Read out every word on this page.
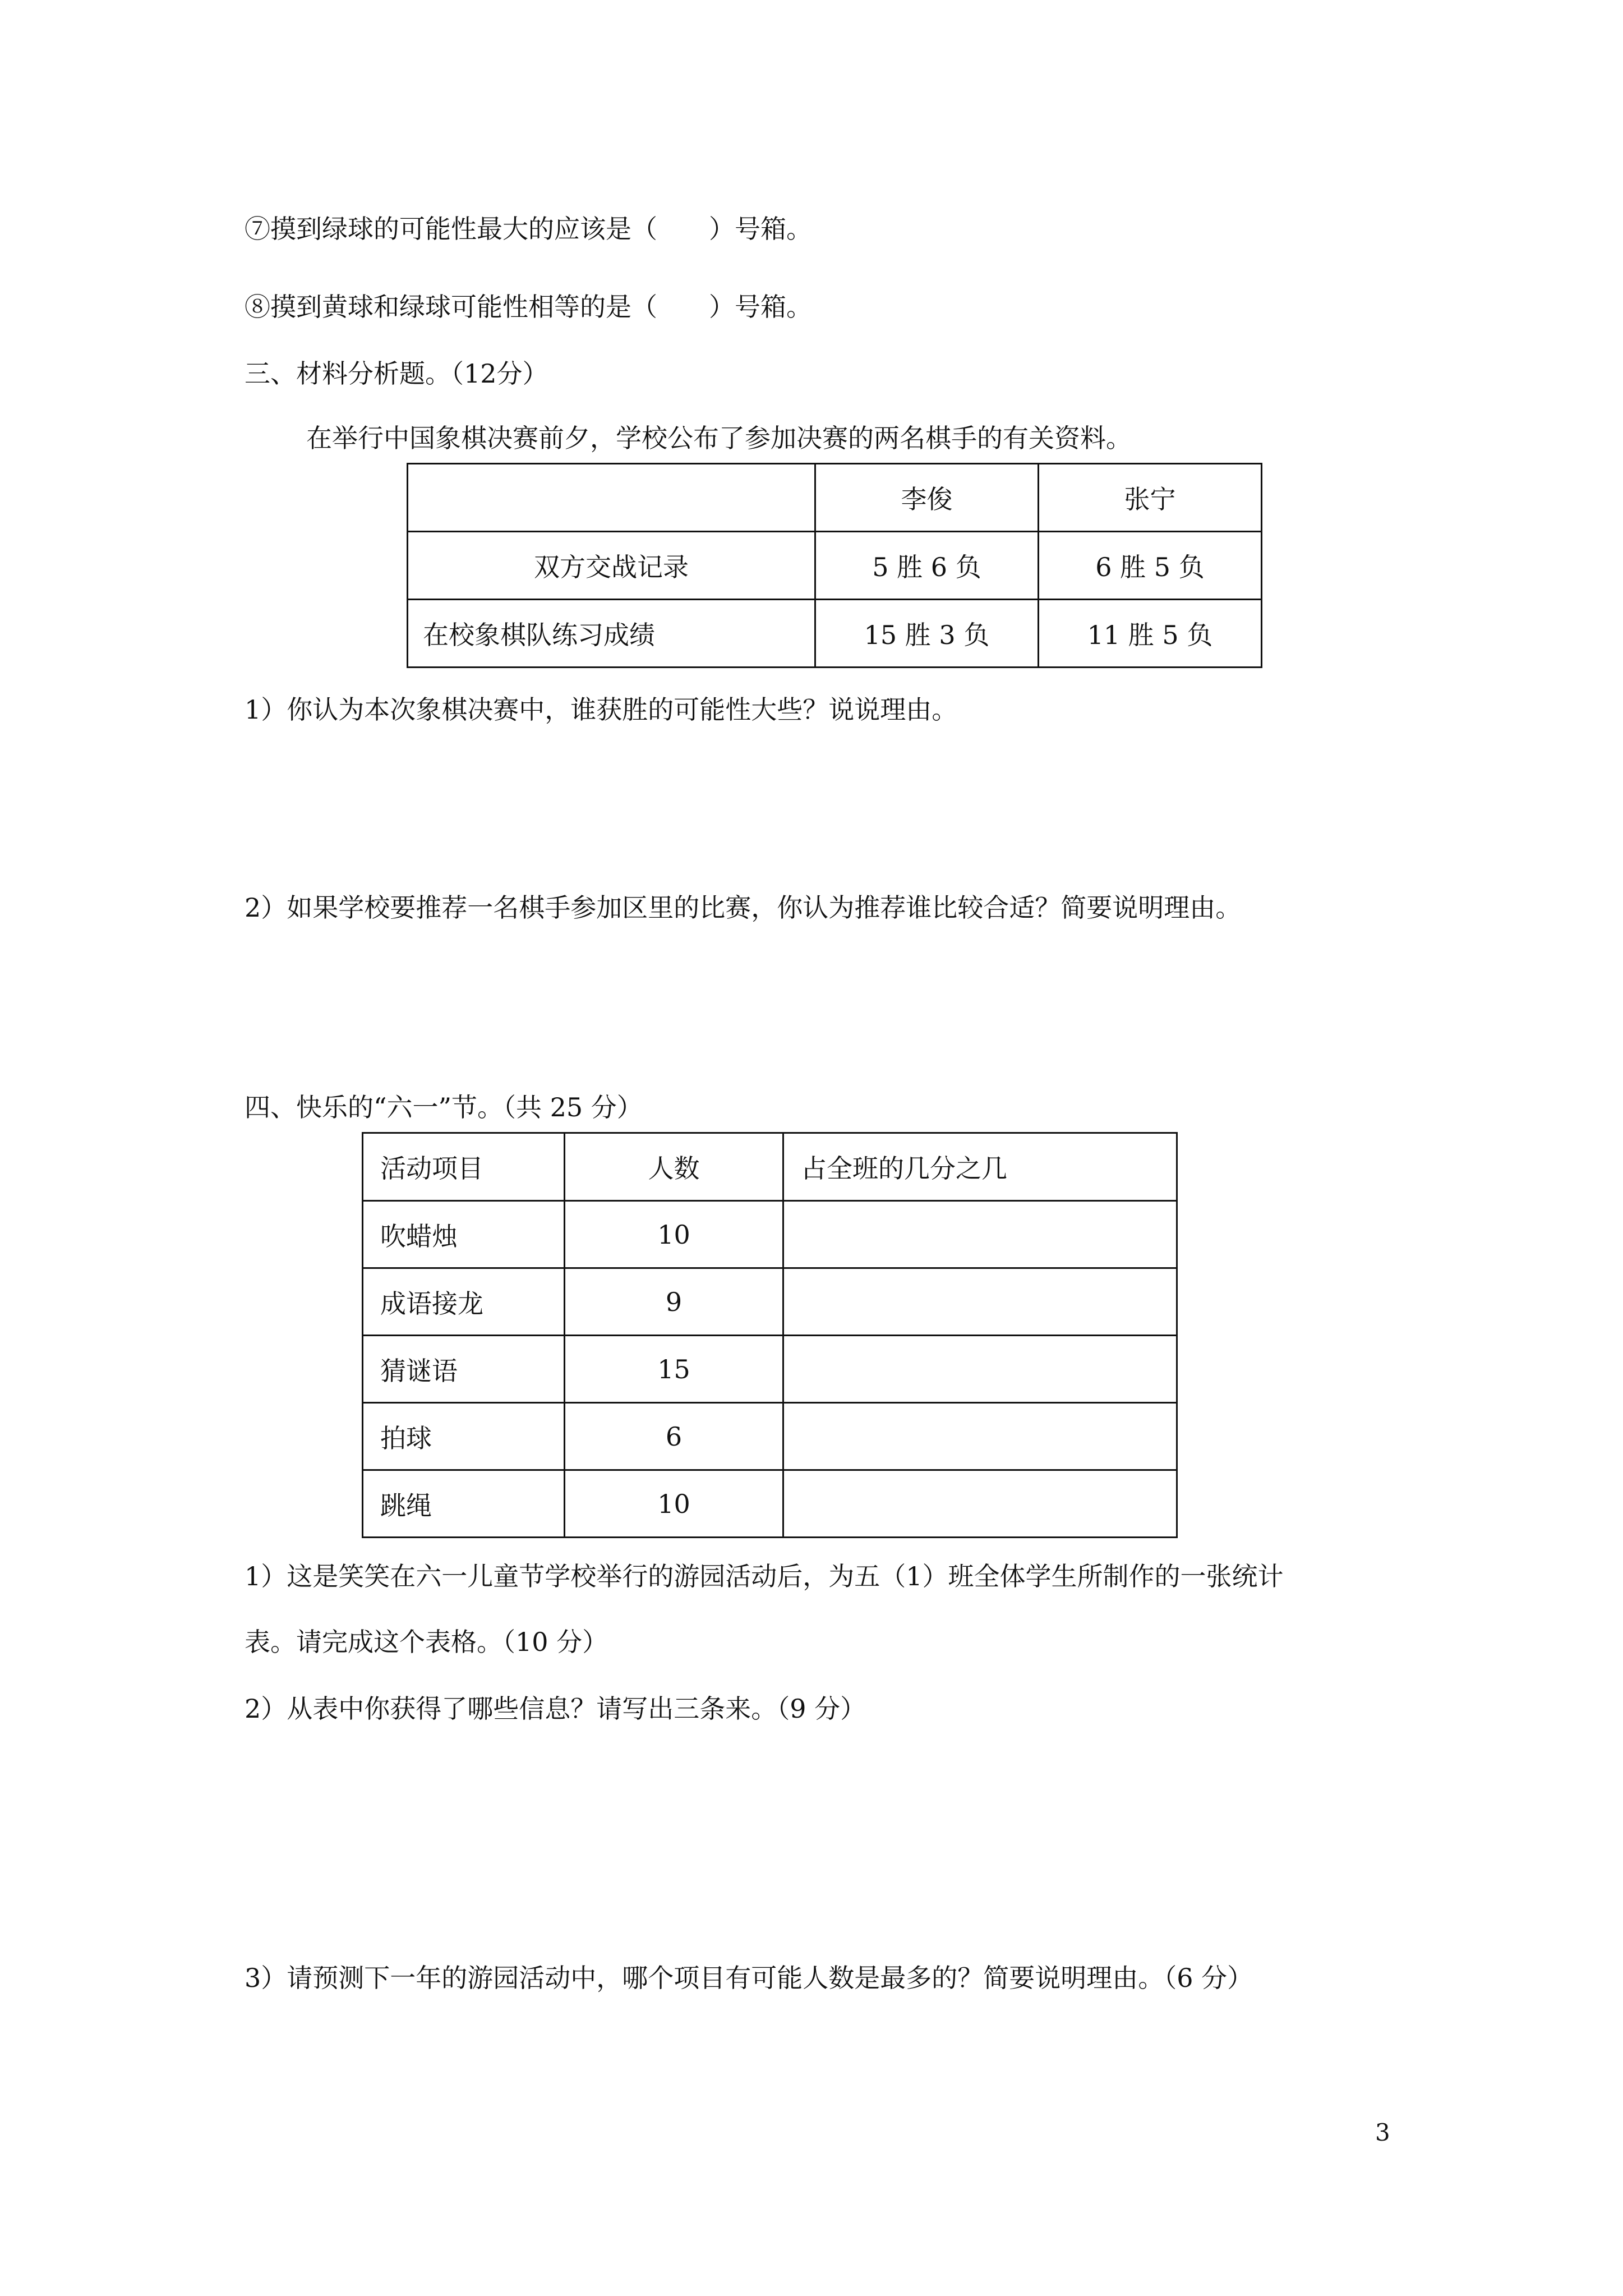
⑦摸到绿球的可能性最大的应该是（　　）号箱。
⑧摸到黄球和绿球可能性相等的是（　　）号箱。
三、材料分析题。（12分）
在举行中国象棋决赛前夕，学校公布了参加决赛的两名棋手的有关资料。
	李俊	张宁
双方交战记录	5 胜 6 负	6 胜 5 负
在校象棋队练习成绩	15 胜 3 负	11 胜 5 负
1）你认为本次象棋决赛中，谁获胜的可能性大些？说说理由。
2）如果学校要推荐一名棋手参加区里的比赛，你认为推荐谁比较合适？简要说明理由。
四、快乐的“六一”节。（共 25 分）
活动项目	人数	占全班的几分之几
吹蜡烛	10	
成语接龙	9	
猜谜语	15	
拍球	6	
跳绳	10	
1）这是笑笑在六一儿童节学校举行的游园活动后，为五（1）班全体学生所制作的一张统计
表。请完成这个表格。（10 分）
2）从表中你获得了哪些信息？请写出三条来。（9 分）
3）请预测下一年的游园活动中，哪个项目有可能人数是最多的？简要说明理由。（6 分）
3
